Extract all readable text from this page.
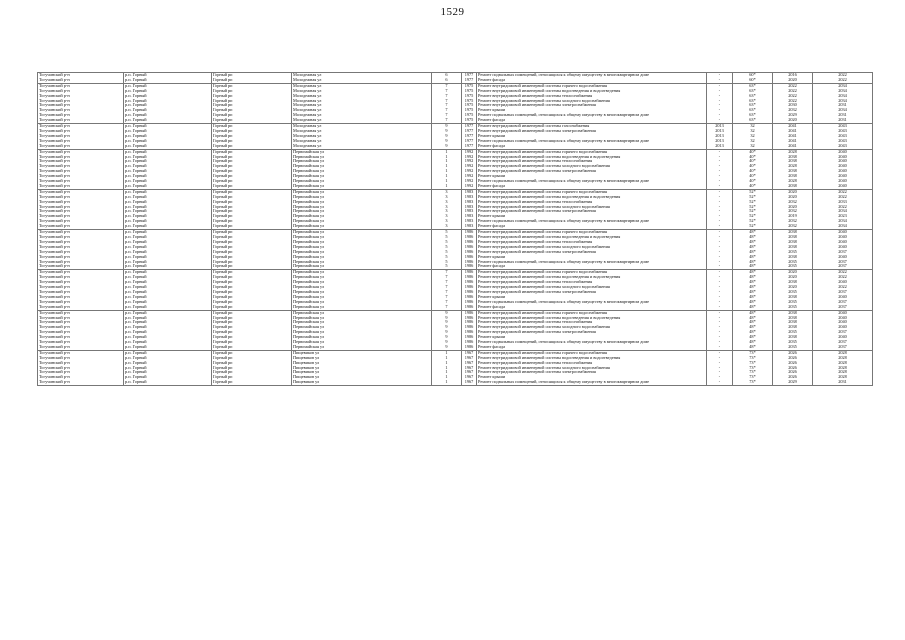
1529
Тогучинский р-н	р.п. Горный	Горный рп	Молодежная ул	6	1977	Ремонт подвальных помещений, относящихся к общему имуществу в многоквартирном доме	-	60*	2016	2022
Тогучинский р-н	р.п. Горный	Горный рп	Молодежная ул	6	1977	Ремонт фасада	-	60*	2020	2022
Тогучинский р-н	р.п. Горный	Горный рп	Молодежная ул	7	1975	Ремонт внутридомовой инженерной системы горячего водоснабжения	-	63*	2022	2034
Тогучинский р-н	р.п. Горный	Горный рп	Молодежная ул	7	1975	Ремонт внутридомовой инженерной системы водоотведения и водоотведения	-	63*	2022	2034
Тогучинский р-н	р.п. Горный	Горный рп	Молодежная ул	7	1975	Ремонт внутридомовой инженерной системы теплоснабжения	-	63*	2022	2034
Тогучинский р-н	р.п. Горный	Горный рп	Молодежная ул	7	1975	Ремонт внутридомовой инженерной системы холодного водоснабжения	-	63*	2022	2034
Тогучинский р-н	р.п. Горный	Горный рп	Молодежная ул	7	1975	Ремонт внутридомовой инженерной системы электроснабжения	-	63*	2030	2031
Тогучинский р-н	р.п. Горный	Горный рп	Молодежная ул	7	1975	Ремонт крыши	-	63*	2032	2034
Тогучинский р-н	р.п. Горный	Горный рп	Молодежная ул	7	1975	Ремонт подвальных помещений, относящихся к общему имуществу в многоквартирном доме	-	63*	2029	2031
Тогучинский р-н	р.п. Горный	Горный рп	Молодежная ул	7	1975	Ремонт фасада	-	63*	2020	2031
Тогучинский р-н	р.п. Горный	Горный рп	Молодежная ул	9	1977	Ремонт внутридомовой инженерной системы газоснабжения	2013	32	2041	2043
Тогучинский р-н	р.п. Горный	Горный рп	Молодежная ул	9	1977	Ремонт внутридомовой инженерной системы электроснабжения	2013	32	2041	2043
Тогучинский р-н	р.п. Горный	Горный рп	Молодежная ул	9	1977	Ремонт крыши	2013	32	2041	2043
Тогучинский р-н	р.п. Горный	Горный рп	Молодежная ул	9	1977	Ремонт подвальных помещений, относящихся к общему имуществу в многоквартирном доме	2013	32	2041	2043
Тогучинский р-н	р.п. Горный	Горный рп	Молодежная ул	9	1977	Ремонт фасада	2013	32	2041	2043
Тогучинский р-н	р.п. Горный	Горный рп	Первомайская ул	1	1992	Ремонт внутридомовой инженерной системы горячего водоснабжения	-	40*	2028	2040
Тогучинский р-н	р.п. Горный	Горный рп	Первомайская ул	1	1992	Ремонт внутридомовой инженерной системы водоотведения и водоотведения	-	40*	2038	2040
Тогучинский р-н	р.п. Горный	Горный рп	Первомайская ул	1	1992	Ремонт внутридомовой инженерной системы теплоснабжения	-	40*	2038	2040
Тогучинский р-н	р.п. Горный	Горный рп	Первомайская ул	1	1992	Ремонт внутридомовой инженерной системы холодного водоснабжения	-	40*	2028	2040
Тогучинский р-н	р.п. Горный	Горный рп	Первомайская ул	1	1992	Ремонт внутридомовой инженерной системы электроснабжения	-	40*	2038	2040
Тогучинский р-н	р.п. Горный	Горный рп	Первомайская ул	1	1992	Ремонт крыши	-	40*	2038	2040
Тогучинский р-н	р.п. Горный	Горный рп	Первомайская ул	1	1992	Ремонт подвальных помещений, относящихся к общему имуществу в многоквартирном доме	-	40*	2028	2040
Тогучинский р-н	р.п. Горный	Горный рп	Первомайская ул	1	1992	Ремонт фасада	-	40*	2038	2040
Тогучинский р-н	р.п. Горный	Горный рп	Первомайская ул	3	1983	Ремонт внутридомовой инженерной системы горячего водоснабжения	-	52*	2020	2022
Тогучинский р-н	р.п. Горный	Горный рп	Первомайская ул	3	1983	Ремонт внутридомовой инженерной системы водоотведения и водоотведения	-	52*	2020	2022
Тогучинский р-н	р.п. Горный	Горный рп	Первомайская ул	3	1983	Ремонт внутридомовой инженерной системы теплоснабжения	-	52*	2032	2033
Тогучинский р-н	р.п. Горный	Горный рп	Первомайская ул	3	1983	Ремонт внутридомовой инженерной системы холодного водоснабжения	-	52*	2020	2022
Тогучинский р-н	р.п. Горный	Горный рп	Первомайская ул	3	1983	Ремонт внутридомовой инженерной системы электроснабжения	-	52*	2032	2034
Тогучинский р-н	р.п. Горный	Горный рп	Первомайская ул	3	1983	Ремонт крыши	-	52*	2019	2023
Тогучинский р-н	р.п. Горный	Горный рп	Первомайская ул	3	1983	Ремонт подвальных помещений, относящихся к общему имуществу в многоквартирном доме	-	52*	2032	2034
Тогучинский р-н	р.п. Горный	Горный рп	Первомайская ул	3	1983	Ремонт фасада	-	52*	2032	2034
Тогучинский р-н	р.п. Горный	Горный рп	Первомайская ул	5	1986	Ремонт внутридомовой инженерной системы горячего водоснабжения	-	48*	2038	2040
Тогучинский р-н	р.п. Горный	Горный рп	Первомайская ул	5	1986	Ремонт внутридомовой инженерной системы водоотведения и водоотведения	-	48*	2038	2040
Тогучинский р-н	р.п. Горный	Горный рп	Первомайская ул	5	1986	Ремонт внутридомовой инженерной системы теплоснабжения	-	48*	2038	2040
Тогучинский р-н	р.п. Горный	Горный рп	Первомайская ул	5	1986	Ремонт внутридомовой инженерной системы холодного водоснабжения	-	48*	2038	2040
Тогучинский р-н	р.п. Горный	Горный рп	Первомайская ул	5	1986	Ремонт внутридомовой инженерной системы электроснабжения	-	48*	2035	2037
Тогучинский р-н	р.п. Горный	Горный рп	Первомайская ул	5	1986	Ремонт крыши	-	48*	2038	2040
Тогучинский р-н	р.п. Горный	Горный рп	Первомайская ул	5	1986	Ремонт подвальных помещений, относящихся к общему имуществу в многоквартирном доме	-	48*	2035	2037
Тогучинский р-н	р.п. Горный	Горный рп	Первомайская ул	5	1986	Ремонт фасада	-	48*	2035	2037
Тогучинский р-н	р.п. Горный	Горный рп	Первомайская ул	7	1986	Ремонт внутридомовой инженерной системы горячего водоснабжения	-	48*	2020	2022
Тогучинский р-н	р.п. Горный	Горный рп	Первомайская ул	7	1986	Ремонт внутридомовой инженерной системы водоотведения и водоотведения	-	48*	2020	2022
Тогучинский р-н	р.п. Горный	Горный рп	Первомайская ул	7	1986	Ремонт внутридомовой инженерной системы теплоснабжения	-	48*	2038	2040
Тогучинский р-н	р.п. Горный	Горный рп	Первомайская ул	7	1986	Ремонт внутридомовой инженерной системы холодного водоснабжения	-	48*	2020	2022
Тогучинский р-н	р.п. Горный	Горный рп	Первомайская ул	7	1986	Ремонт внутридомовой инженерной системы электроснабжения	-	48*	2035	2037
Тогучинский р-н	р.п. Горный	Горный рп	Первомайская ул	7	1986	Ремонт крыши	-	48*	2038	2040
Тогучинский р-н	р.п. Горный	Горный рп	Первомайская ул	7	1986	Ремонт подвальных помещений, относящихся к общему имуществу в многоквартирном доме	-	48*	2035	2037
Тогучинский р-н	р.п. Горный	Горный рп	Первомайская ул	7	1986	Ремонт фасада	-	48*	2035	2037
Тогучинский р-н	р.п. Горный	Горный рп	Первомайская ул	9	1986	Ремонт внутридомовой инженерной системы горячего водоснабжения	-	48*	2038	2040
Тогучинский р-н	р.п. Горный	Горный рп	Первомайская ул	9	1986	Ремонт внутридомовой инженерной системы водоотведения и водоотведения	-	48*	2038	2040
Тогучинский р-н	р.п. Горный	Горный рп	Первомайская ул	9	1986	Ремонт внутридомовой инженерной системы теплоснабжения	-	48*	2038	2040
Тогучинский р-н	р.п. Горный	Горный рп	Первомайская ул	9	1986	Ремонт внутридомовой инженерной системы холодного водоснабжения	-	48*	2038	2040
Тогучинский р-н	р.п. Горный	Горный рп	Первомайская ул	9	1986	Ремонт внутридомовой инженерной системы электроснабжения	-	48*	2035	2037
Тогучинский р-н	р.п. Горный	Горный рп	Первомайская ул	9	1986	Ремонт крыши	-	48*	2038	2040
Тогучинский р-н	р.п. Горный	Горный рп	Первомайская ул	9	1986	Ремонт подвальных помещений, относящихся к общему имуществу в многоквартирном доме	-	48*	2035	2037
Тогучинский р-н	р.п. Горный	Горный рп	Первомайская ул	9	1986	Ремонт фасада	-	48*	2035	2037
Тогучинский р-н	р.п. Горный	Горный рп	Пищевиков ул	1	1967	Ремонт внутридомовой инженерной системы горячего водоснабжения	-	73*	2026	2028
Тогучинский р-н	р.п. Горный	Горный рп	Пищевиков ул	1	1967	Ремонт внутридомовой инженерной системы водоотведения и водоотведения	-	73*	2026	2028
Тогучинский р-н	р.п. Горный	Горный рп	Пищевиков ул	1	1967	Ремонт внутридомовой инженерной системы теплоснабжения	-	73*	2026	2028
Тогучинский р-н	р.п. Горный	Горный рп	Пищевиков ул	1	1967	Ремонт внутридомовой инженерной системы холодного водоснабжения	-	73*	2026	2028
Тогучинский р-н	р.п. Горный	Горный рп	Пищевиков ул	1	1967	Ремонт внутридомовой инженерной системы электроснабжения	-	73*	2026	2028
Тогучинский р-н	р.п. Горный	Горный рп	Пищевиков ул	1	1967	Ремонт крыши	-	73*	2026	2028
Тогучинский р-н	р.п. Горный	Горный рп	Пищевиков ул	1	1967	Ремонт подвальных помещений, относящихся к общему имуществу в многоквартирном доме	-	73*	2029	2031
